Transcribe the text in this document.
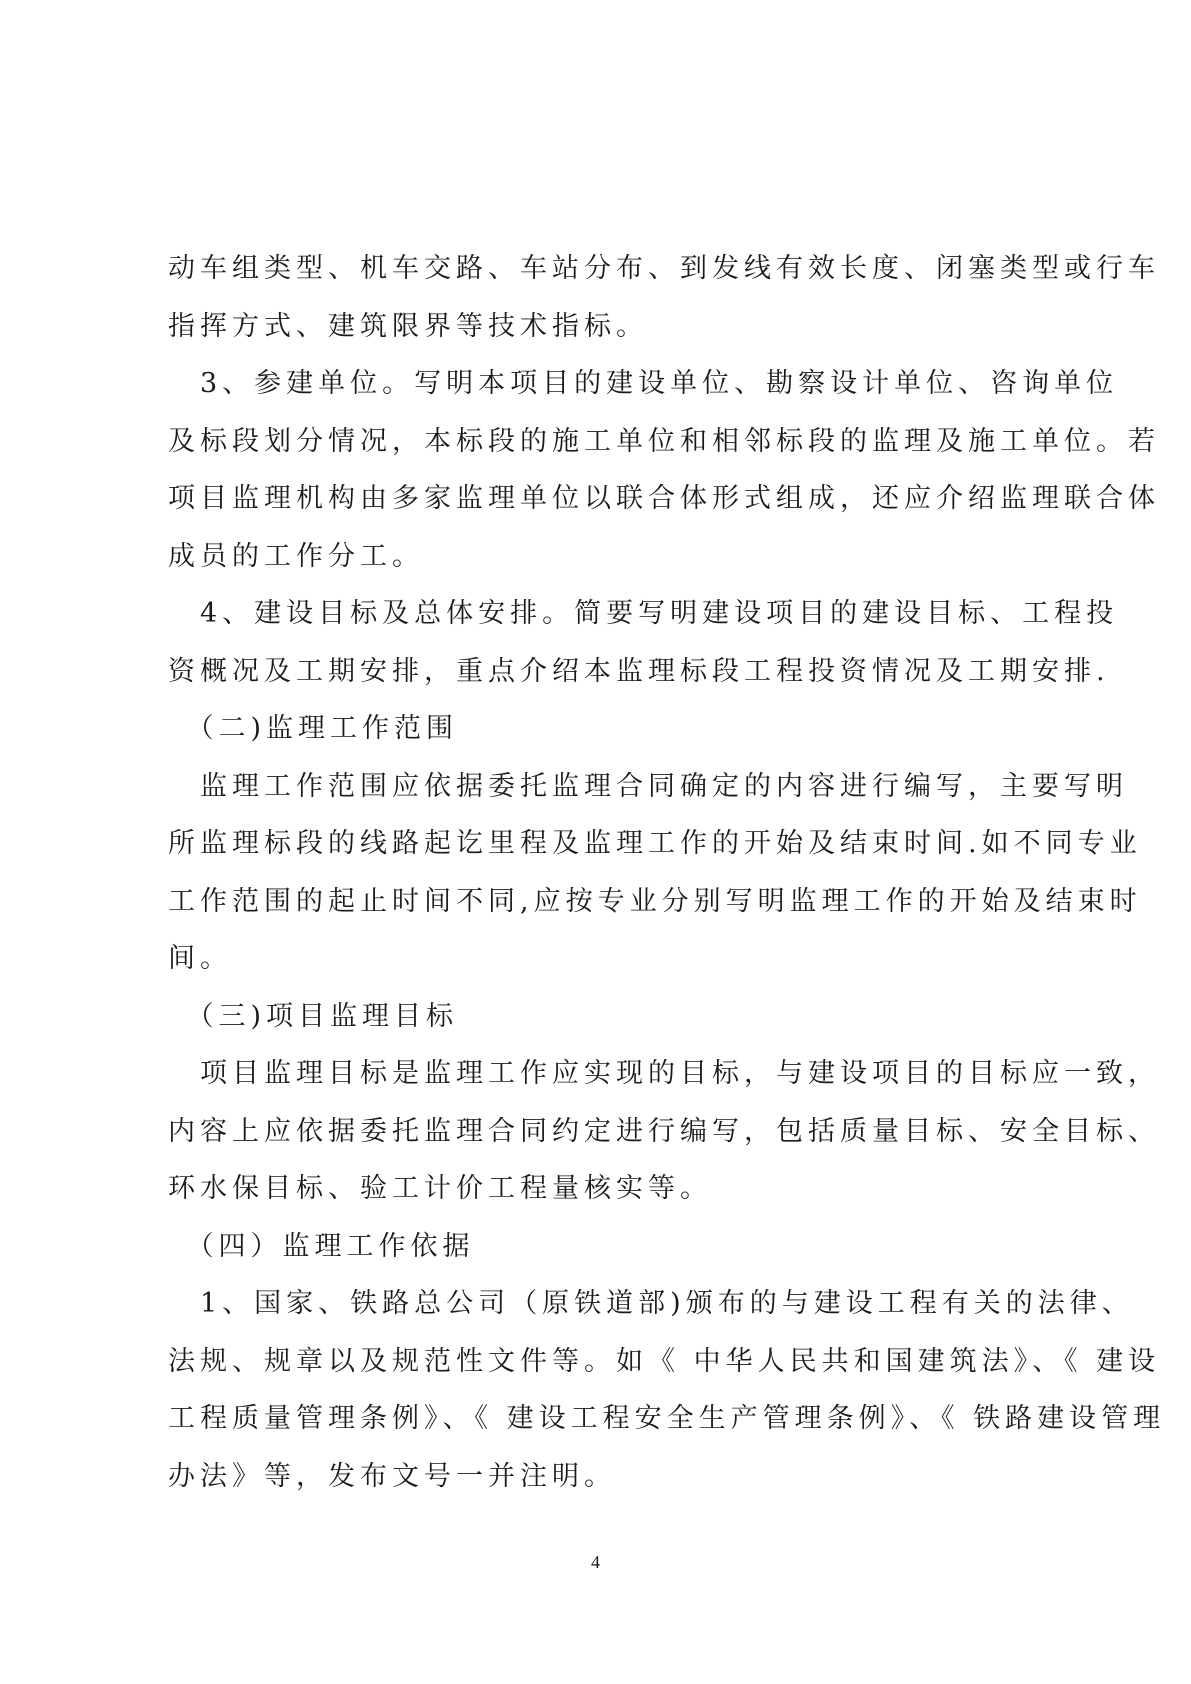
动车组类型、机车交路、车站分布、到发线有效长度、闭塞类型或行车
指挥方式、建筑限界等技术指标。
　3、参建单位。写明本项目的建设单位、勘察设计单位、咨询单位
及标段划分情况，本标段的施工单位和相邻标段的监理及施工单位。若
项目监理机构由多家监理单位以联合体形式组成，还应介绍监理联合体
成员的工作分工。
　4、建设目标及总体安排。简要写明建设项目的建设目标、工程投
资概况及工期安排，重点介绍本监理标段工程投资情况及工期安排.
　（二)监理工作范围
　监理工作范围应依据委托监理合同确定的内容进行编写，主要写明
所监理标段的线路起讫里程及监理工作的开始及结束时间.如不同专业
工作范围的起止时间不同,应按专业分别写明监理工作的开始及结束时
间。
　（三)项目监理目标
　项目监理目标是监理工作应实现的目标，与建设项目的目标应一致，
内容上应依据委托监理合同约定进行编写，包括质量目标、安全目标、
环水保目标、验工计价工程量核实等。
　（四）监理工作依据
　1、国家、铁路总公司（原铁道部)颁布的与建设工程有关的法律、
法规、规章以及规范性文件等。如《 中华人民共和国建筑法》、《 建设
工程质量管理条例》、《 建设工程安全生产管理条例》、《 铁路建设管理
办法》等，发布文号一并注明。
4
